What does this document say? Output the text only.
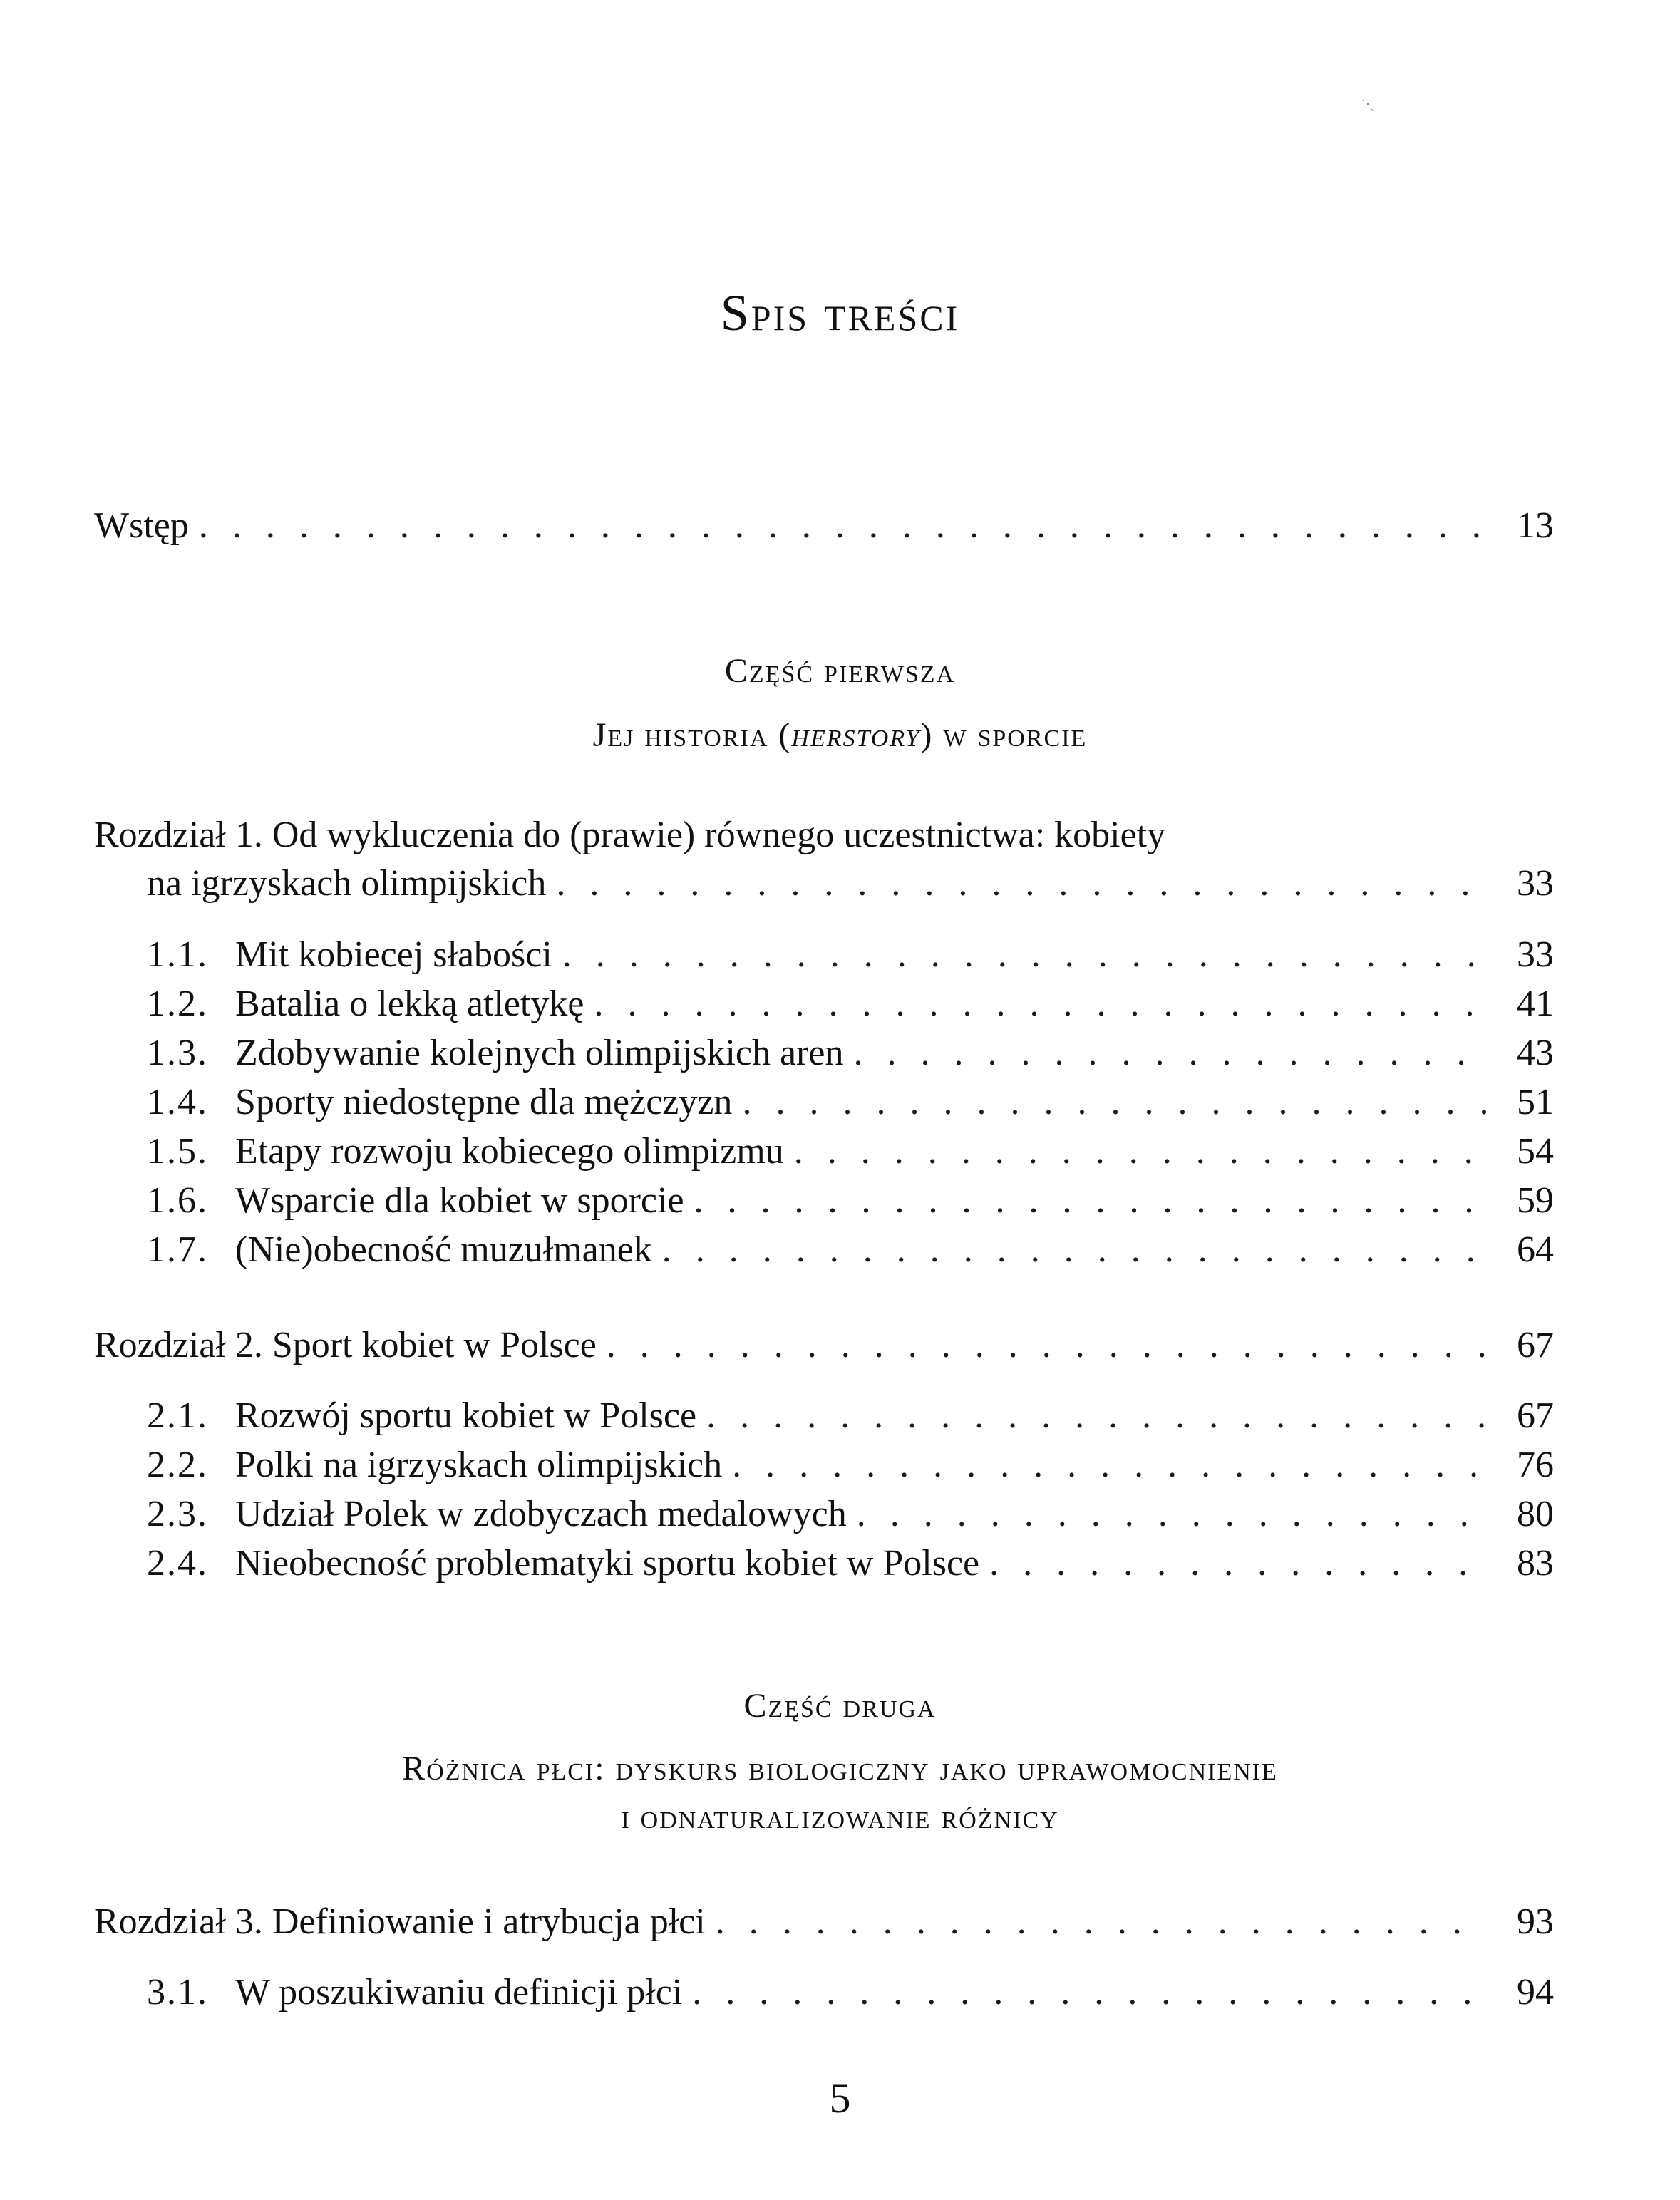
˙·˷
Spis treści
Wstęp . . .	13
Część pierwsza
Jej historia (herstory) w sporcie
Rozdział 1. Od wykluczenia do (prawie) równego uczestnictwa: kobiety
na igrzyskach olimpijskich . . .	33
1.1. Mit kobiecej słabości . . .	33
1.2. Batalia o lekką atletykę . . .	41
1.3. Zdobywanie kolejnych olimpijskich aren . . .	43
1.4. Sporty niedostępne dla mężczyzn . . .	51
1.5. Etapy rozwoju kobiecego olimpizmu . . .	54
1.6. Wsparcie dla kobiet w sporcie . . .	59
1.7. (Nie)obecność muzułmanek . . .	64
Rozdział 2. Sport kobiet w Polsce . . .	67
2.1. Rozwój sportu kobiet w Polsce . . .	67
2.2. Polki na igrzyskach olimpijskich . . .	76
2.3. Udział Polek w zdobyczach medalowych . . .	80
2.4. Nieobecność problematyki sportu kobiet w Polsce . . .	83
Część druga
Różnica płci: dyskurs biologiczny jako uprawomocnienie
i odnaturalizowanie różnicy
Rozdział 3. Definiowanie i atrybucja płci . . .	93
3.1. W poszukiwaniu definicji płci . . .	94
5
